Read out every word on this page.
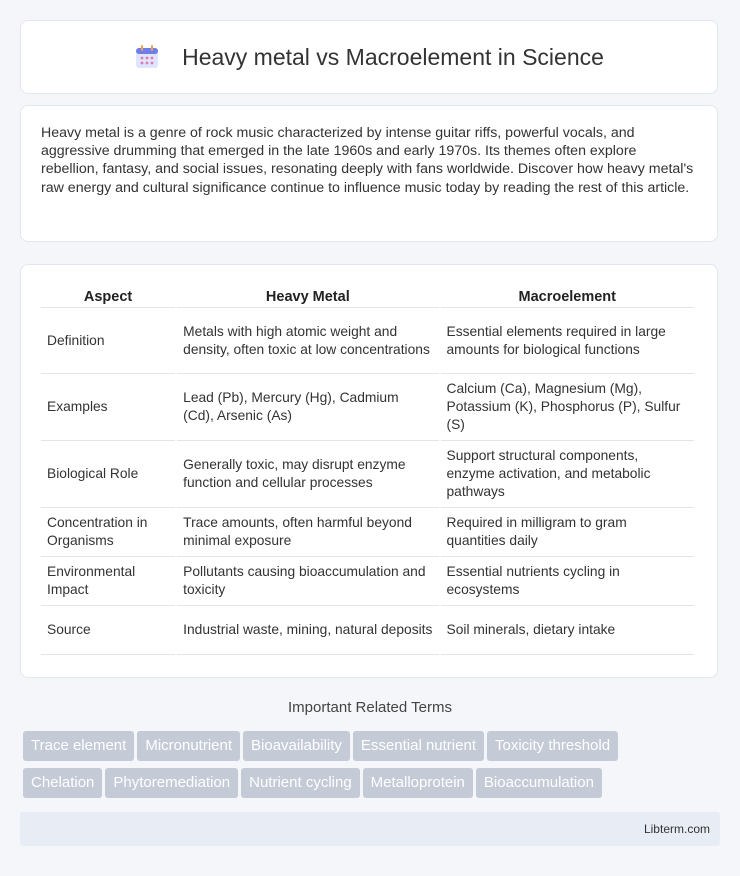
Heavy metal vs Macroelement in Science

Heavy metal is a genre of rock music characterized by intense guitar riffs, powerful vocals, and aggressive drumming that emerged in the late 1960s and early 1970s. Its themes often explore rebellion, fantasy, and social issues, resonating deeply with fans worldwide. Discover how heavy metal's raw energy and cultural significance continue to influence music today by reading the rest of this article.

Aspect	Heavy Metal	Macroelement
Definition	Metals with high atomic weight and density, often toxic at low concentrations	Essential elements required in large amounts for biological functions
Examples	Lead (Pb), Mercury (Hg), Cadmium (Cd), Arsenic (As)	Calcium (Ca), Magnesium (Mg), Potassium (K), Phosphorus (P), Sulfur (S)
Biological Role	Generally toxic, may disrupt enzyme function and cellular processes	Support structural components, enzyme activation, and metabolic pathways
Concentration in Organisms	Trace amounts, often harmful beyond minimal exposure	Required in milligram to gram quantities daily
Environmental Impact	Pollutants causing bioaccumulation and toxicity	Essential nutrients cycling in ecosystems
Source	Industrial waste, mining, natural deposits	Soil minerals, dietary intake
Important Related Terms
Trace element Micronutrient Bioavailability Essential nutrient Toxicity threshold
Chelation Phytoremediation Nutrient cycling Metalloprotein Bioaccumulation
Libterm.com
